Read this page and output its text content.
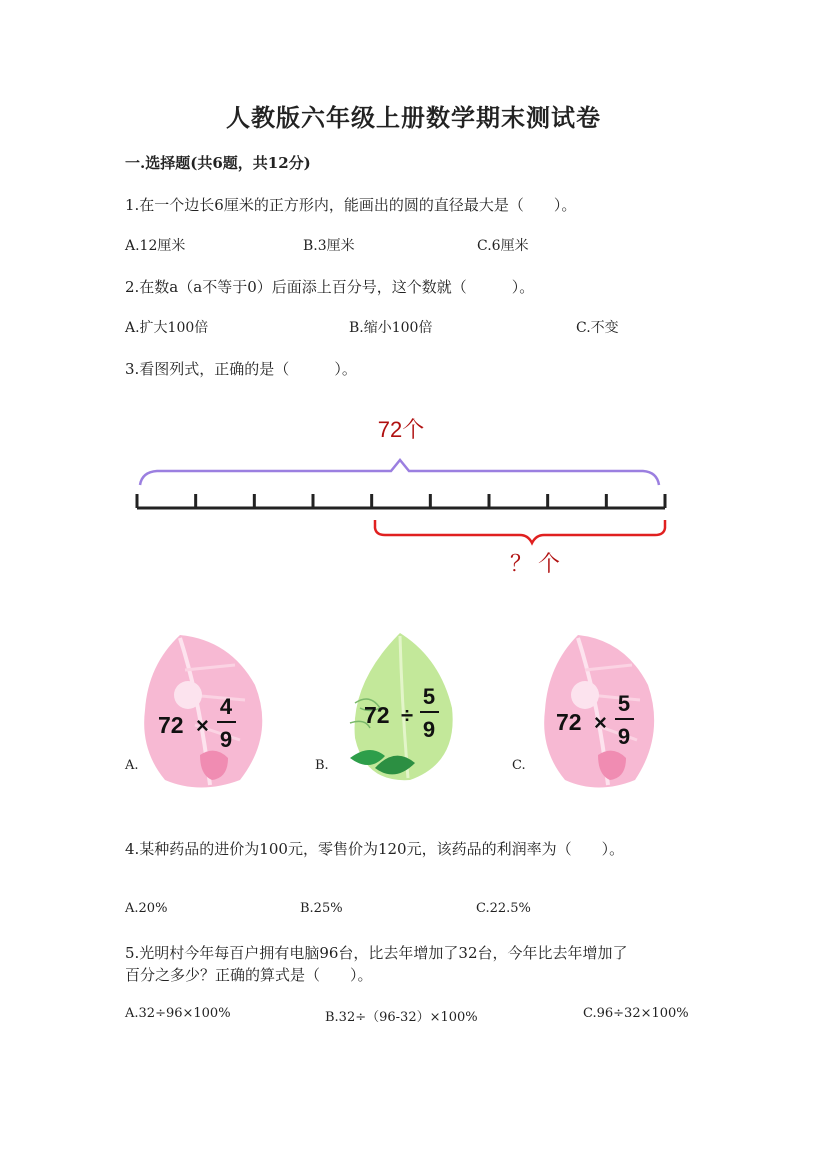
人教版六年级上册数学期末测试卷
一.选择题(共6题，共12分)
1.在一个边长6厘米的正方形内，能画出的圆的直径最大是（　　）。
A.12厘米	B.3厘米	C.6厘米
2.在数a（a不等于0）后面添上百分号，这个数就（　　　）。
A.扩大100倍	B.缩小100倍	C.不变
3.看图列式，正确的是（　　　）。
72个
？ 个
A.
72 ×
4
9
B.
72 ÷
5
9
C.
72 ×
5
9
4.某种药品的进价为100元，零售价为120元，该药品的利润率为（　　）。
A.20%	B.25%	C.22.5%
5.光明村今年每百户拥有电脑96台，比去年增加了32台，今年比去年增加了
百分之多少？正确的算式是（　　）。
A.32÷96×100%	B.32÷（96-32）×100%	C.96÷32×100%
